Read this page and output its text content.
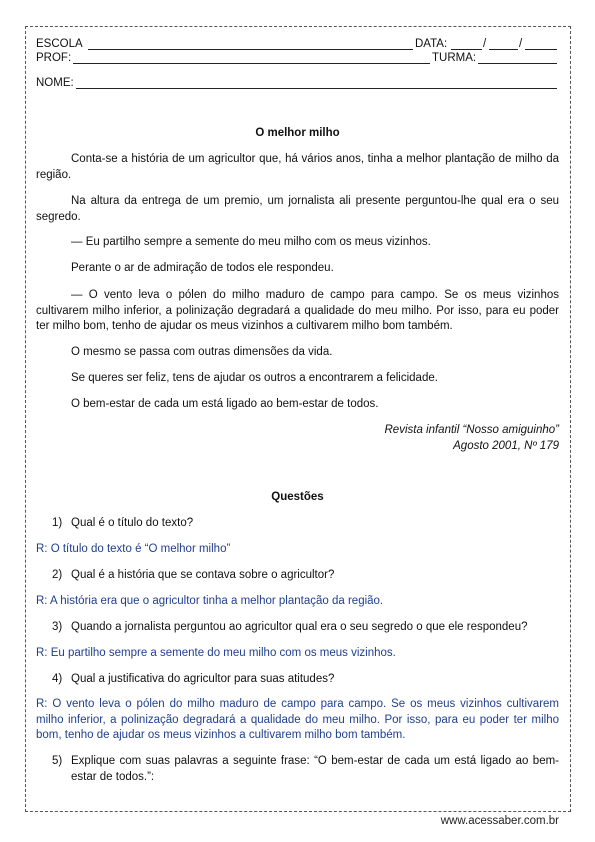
ESCOLA	DATA:	/	/
PROF:	TURMA:
NOME:
O melhor milho

Conta-se a história de um agricultor que, há vários anos, tinha a melhor plantação de milho da região.

Na altura da entrega de um premio, um jornalista ali presente perguntou-lhe qual era o seu segredo.

— Eu partilho sempre a semente do meu milho com os meus vizinhos.

Perante o ar de admiração de todos ele respondeu.

— O vento leva o pólen do milho maduro de campo para campo. Se os meus vizinhos cultivarem milho inferior, a polinização degradará a qualidade do meu milho. Por isso, para eu poder ter milho bom, tenho de ajudar os meus vizinhos a cultivarem milho bom também.

O mesmo se passa com outras dimensões da vida.

Se queres ser feliz, tens de ajudar os outros a encontrarem a felicidade.

O bem-estar de cada um está ligado ao bem-estar de todos.

Revista infantil “Nosso amiguinho”
Agosto 2001, Nº 179
Questões
1) Qual é o título do texto?
R: O título do texto é “O melhor milho”
2) Qual é a história que se contava sobre o agricultor?
R: A história era que o agricultor tinha a melhor plantação da região.
3) Quando a jornalista perguntou ao agricultor qual era o seu segredo o que ele respondeu?
R: Eu partilho sempre a semente do meu milho com os meus vizinhos.
4) Qual a justificativa do agricultor para suas atitudes?
R: O vento leva o pólen do milho maduro de campo para campo. Se os meus vizinhos cultivarem milho inferior, a polinização degradará a qualidade do meu milho. Por isso, para eu poder ter milho bom, tenho de ajudar os meus vizinhos a cultivarem milho bom também.
5) Explique com suas palavras a seguinte frase: “O bem-estar de cada um está ligado ao bem-estar de todos.”:
www.acessaber.com.br
